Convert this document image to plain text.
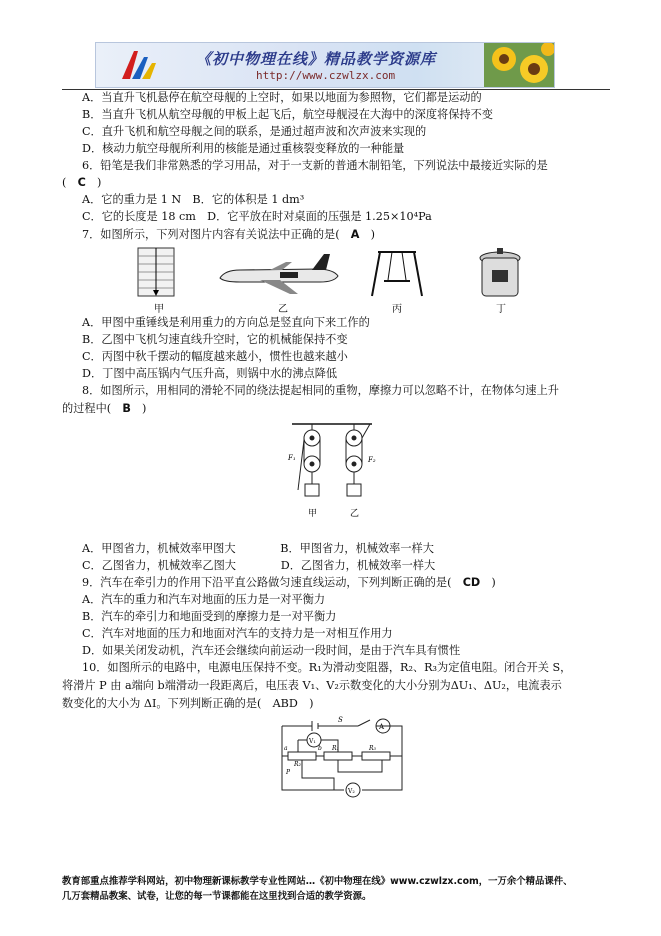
《初中物理在线》精品教学资源库
http://www.czwlzx.com
A．当直升飞机悬停在航空母舰的上空时，如果以地面为参照物，它们都是运动的
B．当直升飞机从航空母舰的甲板上起飞后，航空母舰浸在大海中的深度将保持不变
C．直升飞机和航空母舰之间的联系，是通过超声波和次声波来实现的
D．核动力航空母舰所利用的核能是通过重核裂变释放的一种能量
6．铅笔是我们非常熟悉的学习用品，对于一支新的普通木制铅笔，下列说法中最接近实际的是
(　C　)
A．它的重力是 1 N　B．它的体积是 1 dm³
C．它的长度是 18 cm　D．它平放在时对桌面的压强是 1.25×10⁴Pa
7．如图所示，下列对图片内容有关说法中正确的是(　A　)
甲	乙	丙	丁
A．甲图中重锤线是利用重力的方向总是竖直向下来工作的
B．乙图中飞机匀速直线升空时，它的机械能保持不变
C．丙图中秋千摆动的幅度越来越小，惯性也越来越小
D．丁图中高压锅内气压升高，则锅中水的沸点降低
8．如图所示，用相同的滑轮不同的绕法提起相同的重物，摩擦力可以忽略不计，在物体匀速上升
的过程中(　B　)
F₁	F₂
甲	乙
A．甲图省力，机械效率甲图大　　　　B．甲图省力，机械效率一样大
C．乙图省力，机械效率乙图大　　　　D．乙图省力，机械效率一样大
9．汽车在牵引力的作用下沿平直公路做匀速直线运动，下列判断正确的是(　CD　)
A．汽车的重力和汽车对地面的压力是一对平衡力
B．汽车的牵引力和地面受到的摩擦力是一对平衡力
C．汽车对地面的压力和地面对汽车的支持力是一对相互作用力
D．如果关闭发动机，汽车还会继续向前运动一段时间，是由于汽车具有惯性
10．如图所示的电路中，电源电压保持不变。R₁为滑动变阻器，R₂、R₃为定值电阻。闭合开关 S，
将滑片 P 由 a端向 b端滑动一段距离后，电压表 V₁、V₂示数变化的大小分别为ΔU₁、ΔU₂，电流表示
数变化的大小为 ΔI。下列判断正确的是(　ABD　)
A
S
V₁
R₁	R₃
R₂
a	b
P
V₂
教育部重点推荐学科网站，初中物理新课标教学专业性网站…《初中物理在线》www.czwlzx.com，一万余个精品课件、
几万套精品教案、试卷，让您的每一节课都能在这里找到合适的教学资源。
